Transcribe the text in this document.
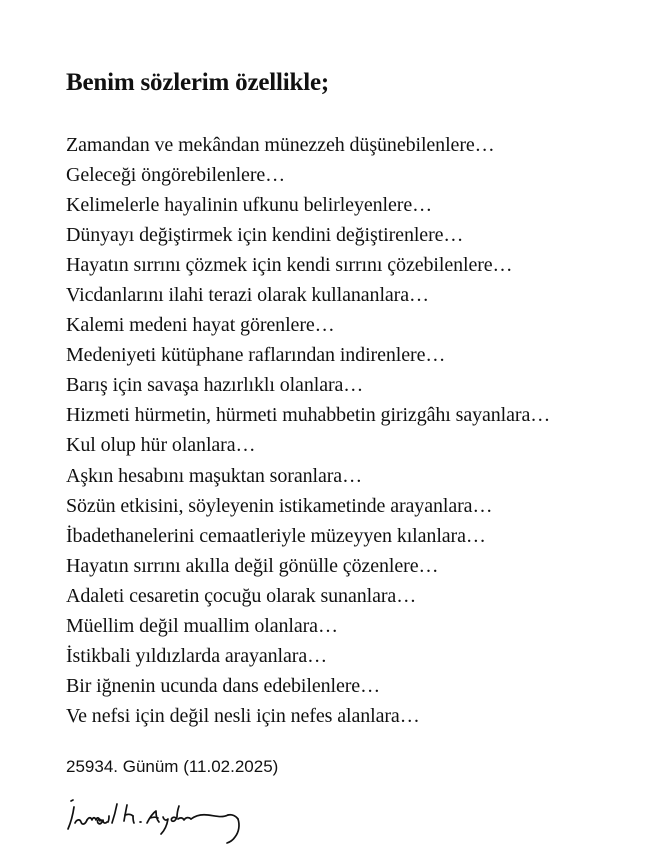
Benim sözlerim özellikle;
Zamandan ve mekândan münezzeh düşünebilenlere…
Geleceği öngörebilenlere…
Kelimelerle hayalinin ufkunu belirleyenlere…
Dünyayı değiştirmek için kendini değiştirenlere…
Hayatın sırrını çözmek için kendi sırrını çözebilenlere…
Vicdanlarını ilahi terazi olarak kullananlara…
Kalemi medeni hayat görenlere…
Medeniyeti kütüphane raflarından indirenlere…
Barış için savaşa hazırlıklı olanlara…
Hizmeti hürmetin, hürmeti muhabbetin girizgâhı sayanlara…
Kul olup hür olanlara…
Aşkın hesabını maşuktan soranlara…
Sözün etkisini, söyleyenin istikametinde arayanlara…
İbadethanelerini cemaatleriyle müzeyyen kılanlara…
Hayatın sırrını akılla değil gönülle çözenlere…
Adaleti cesaretin çocuğu olarak sunanlara…
Müellim değil muallim olanlara…
İstikbali yıldızlarda arayanlara…
Bir iğnenin ucunda dans edebilenlere…
Ve nefsi için değil nesli için nefes alanlara…
25934. Günüm (11.02.2025)
